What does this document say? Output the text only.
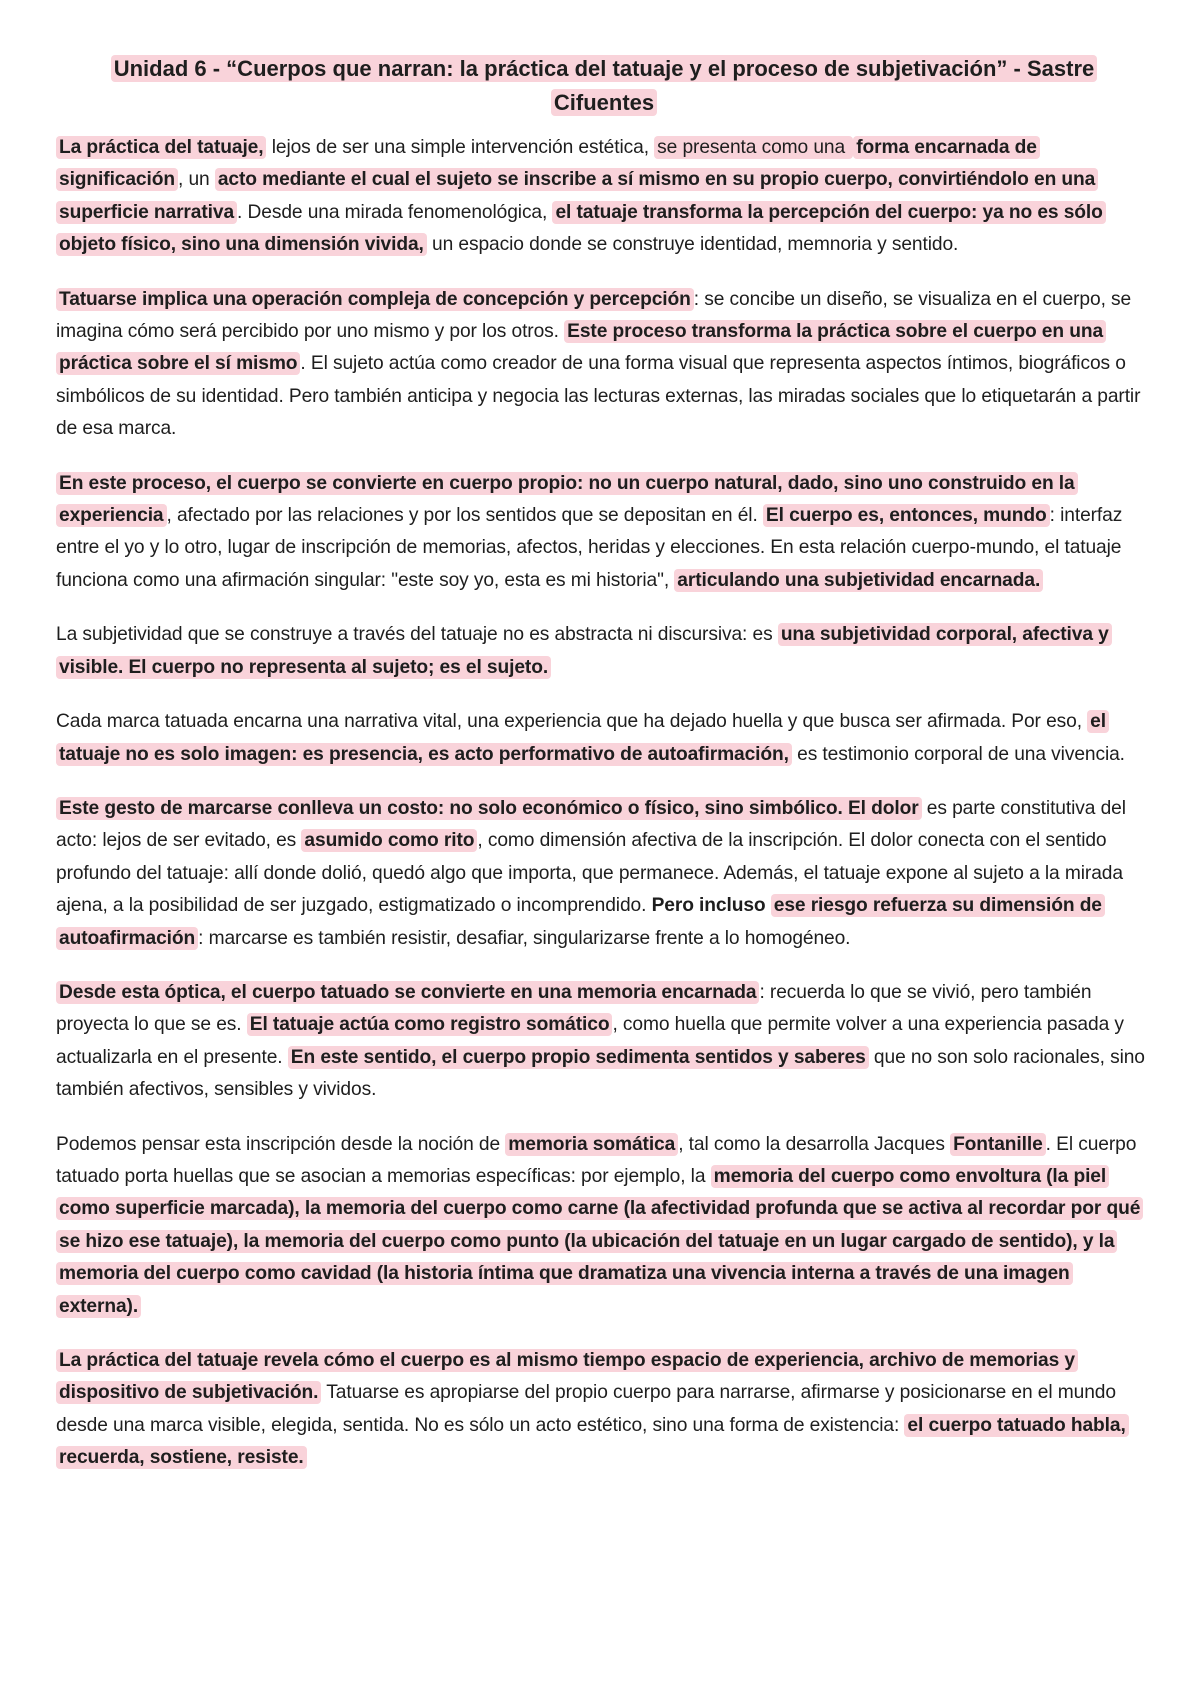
Unidad 6 - “Cuerpos que narran: la práctica del tatuaje y el proceso de subjetivación” - Sastre Cifuentes

La práctica del tatuaje, lejos de ser una simple intervención estética, se presenta como una forma encarnada de significación , un acto mediante el cual el sujeto se inscribe a sí mismo en su propio cuerpo, convirtiéndolo en una superficie narrativa . Desde una mirada fenomenológica, el tatuaje transforma la percepción del cuerpo: ya no es sólo objeto físico, sino una dimensión vivida, un espacio donde se construye identidad, memnoria y sentido.

Tatuarse implica una operación compleja de concepción y percepción : se concibe un diseño, se visualiza en el cuerpo, se imagina cómo será percibido por uno mismo y por los otros. Este proceso transforma la práctica sobre el cuerpo en una práctica sobre el sí mismo . El sujeto actúa como creador de una forma visual que representa aspectos íntimos, biográficos o simbólicos de su identidad. Pero también anticipa y negocia las lecturas externas, las miradas sociales que lo etiquetarán a partir de esa marca.

En este proceso, el cuerpo se convierte en cuerpo propio: no un cuerpo natural, dado, sino uno construido en la experiencia , afectado por las relaciones y por los sentidos que se depositan en él. El cuerpo es, entonces, mundo : interfaz entre el yo y lo otro, lugar de inscripción de memorias, afectos, heridas y elecciones. En esta relación cuerpo-mundo, el tatuaje funciona como una afirmación singular: "este soy yo, esta es mi historia", articulando una subjetividad encarnada.

La subjetividad que se construye a través del tatuaje no es abstracta ni discursiva: es una subjetividad corporal, afectiva y visible. El cuerpo no representa al sujeto; es el sujeto.

Cada marca tatuada encarna una narrativa vital, una experiencia que ha dejado huella y que busca ser afirmada. Por eso, el tatuaje no es solo imagen: es presencia, es acto performativo de autoafirmación, es testimonio corporal de una vivencia.

Este gesto de marcarse conlleva un costo: no solo económico o físico, sino simbólico. El dolor es parte constitutiva del acto: lejos de ser evitado, es asumido como rito , como dimensión afectiva de la inscripción. El dolor conecta con el sentido profundo del tatuaje: allí donde dolió, quedó algo que importa, que permanece. Además, el tatuaje expone al sujeto a la mirada ajena, a la posibilidad de ser juzgado, estigmatizado o incomprendido. Pero incluso ese riesgo refuerza su dimensión de autoafirmación : marcarse es también resistir, desafiar, singularizarse frente a lo homogéneo.

Desde esta óptica, el cuerpo tatuado se convierte en una memoria encarnada : recuerda lo que se vivió, pero también proyecta lo que se es. El tatuaje actúa como registro somático , como huella que permite volver a una experiencia pasada y actualizarla en el presente. En este sentido, el cuerpo propio sedimenta sentidos y saberes que no son solo racionales, sino también afectivos, sensibles y vividos.

Podemos pensar esta inscripción desde la noción de memoria somática , tal como la desarrolla Jacques Fontanille . El cuerpo tatuado porta huellas que se asocian a memorias específicas: por ejemplo, la memoria del cuerpo como envoltura (la piel como superficie marcada), la memoria del cuerpo como carne (la afectividad profunda que se activa al recordar por qué se hizo ese tatuaje), la memoria del cuerpo como punto (la ubicación del tatuaje en un lugar cargado de sentido), y la memoria del cuerpo como cavidad (la historia íntima que dramatiza una vivencia interna a través de una imagen externa).

La práctica del tatuaje revela cómo el cuerpo es al mismo tiempo espacio de experiencia, archivo de memorias y dispositivo de subjetivación. Tatuarse es apropiarse del propio cuerpo para narrarse, afirmarse y posicionarse en el mundo desde una marca visible, elegida, sentida. No es sólo un acto estético, sino una forma de existencia: el cuerpo tatuado habla, recuerda, sostiene, resiste.
